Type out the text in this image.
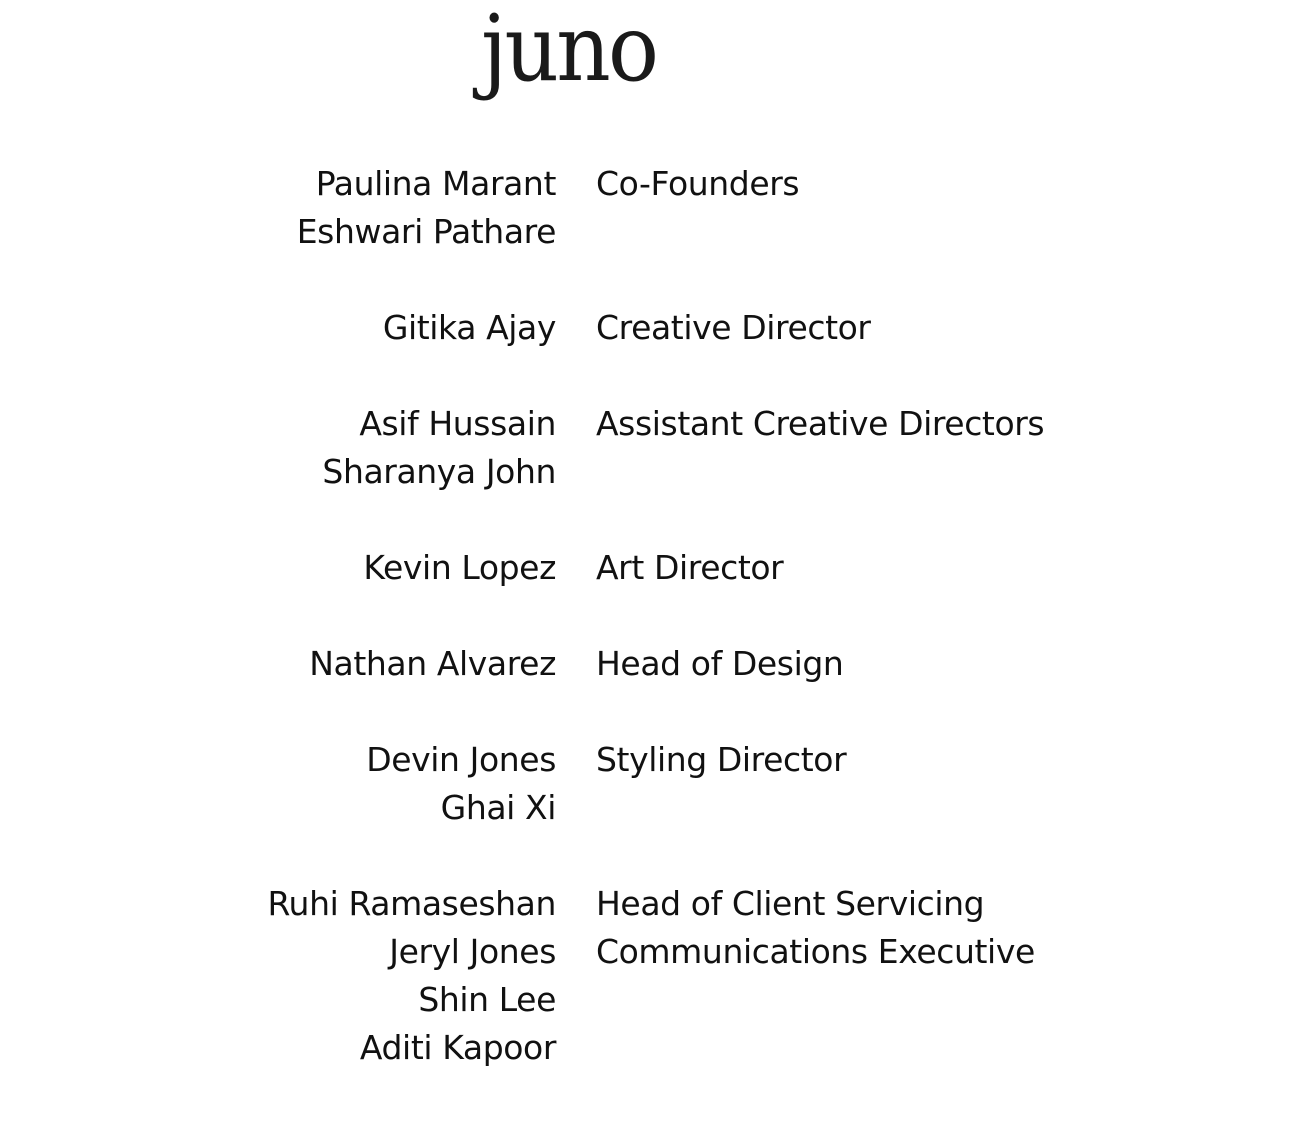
juno
Paulina Marant
Eshwari Pathare
Co-Founders
Gitika Ajay Creative Director
Asif Hussain
Sharanya John
Assistant Creative Directors
Kevin Lopez Art Director
Nathan Alvarez Head of Design
Devin Jones
Ghai Xi
Styling Director
Ruhi Ramaseshan
Jeryl Jones
Shin Lee
Aditi Kapoor
Head of Client Servicing
Communications Executive
